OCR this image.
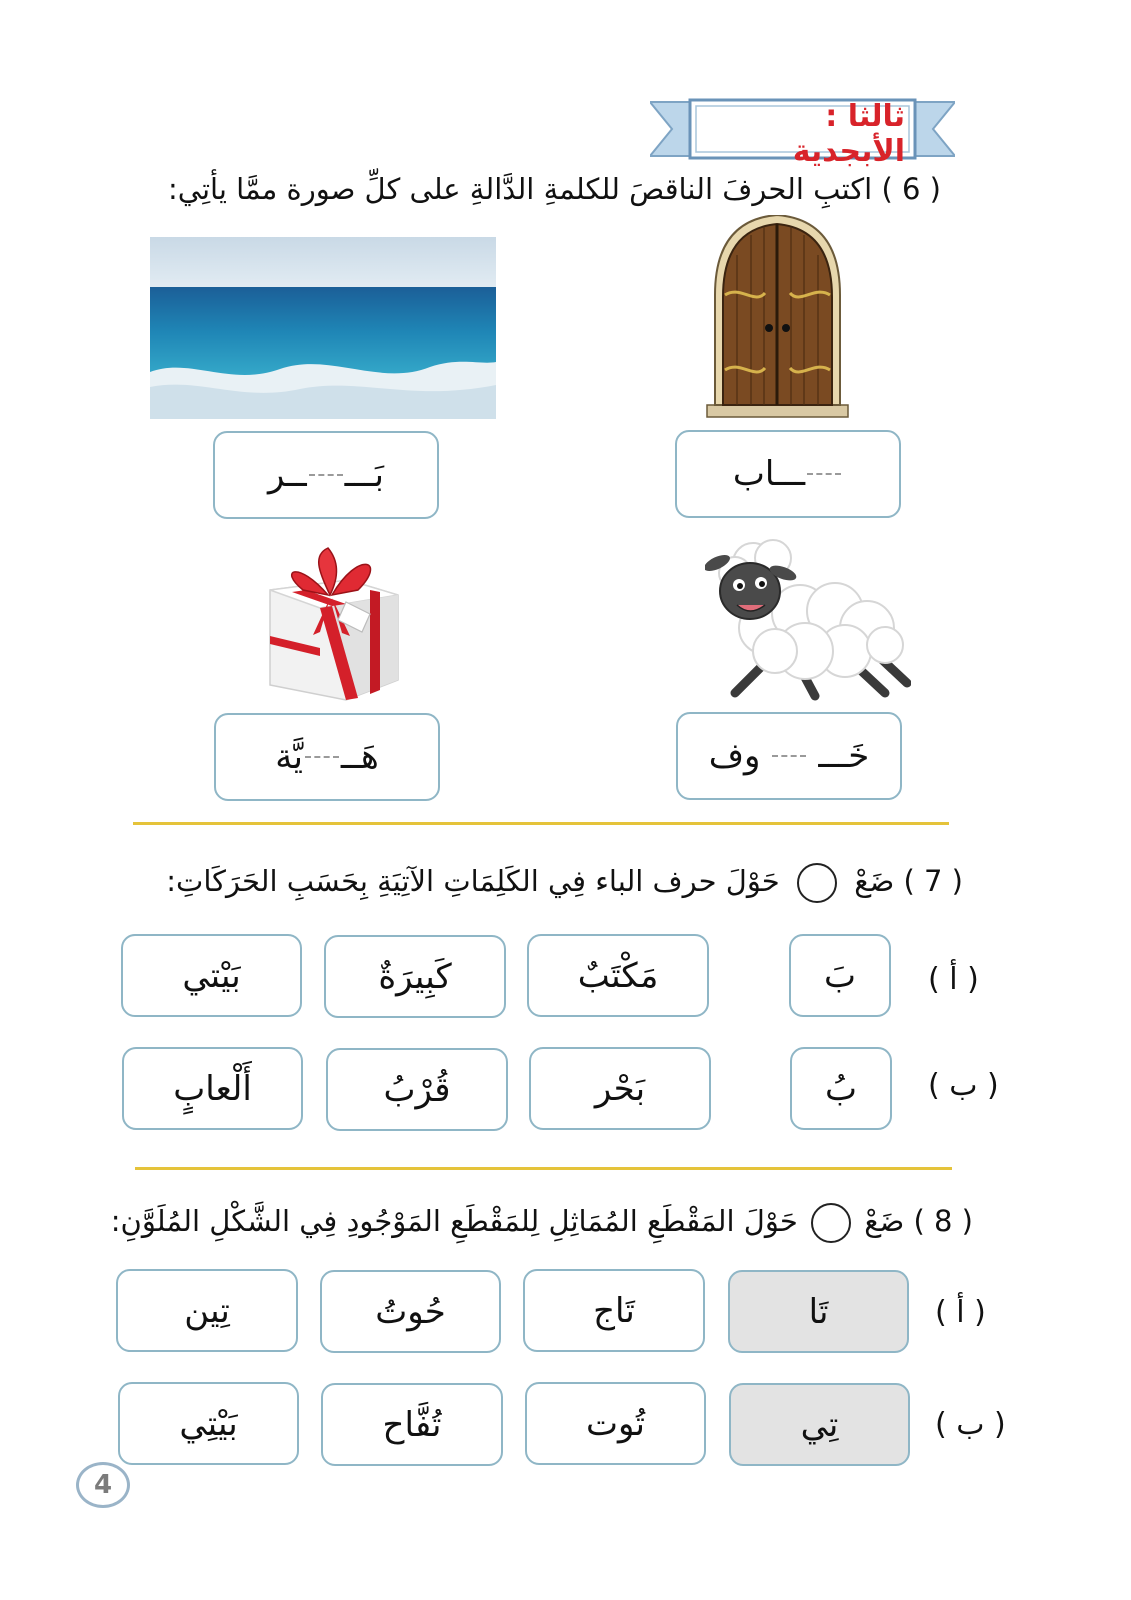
ثالثا : الأبجدية
( 6 ) اكتبِ الحرفَ الناقصَ للكلمةِ الدَّالةِ على كلِّ صورة ممَّا يأتِي:
بَـــ
ــر	ـــاب
هَــ
يَّة	خَـــ
وف
( 7 ) ضَعْ  حَوْلَ حرف الباء فِي الكَلِمَاتِ الآتِيَةِ بِحَسَبِ الحَرَكَاتِ:
( أ )
بَ
مَكْتَبٌ
كَبِيرَةٌ
بَيْتي
( ب )
بُ
بَحْر
قُرْبُ
أَلْعابٍ
( 8 ) ضَعْ  حَوْلَ المَقْطَعِ المُمَاثِلِ لِلمَقْطَعِ المَوْجُودِ فِي الشَّكْلِ المُلَوَّنِ:
( أ )
تَا
تَاج
حُوتُ
تِين
( ب )
تِي
تُوت
تُفَّاح
بَيْتِي
4
